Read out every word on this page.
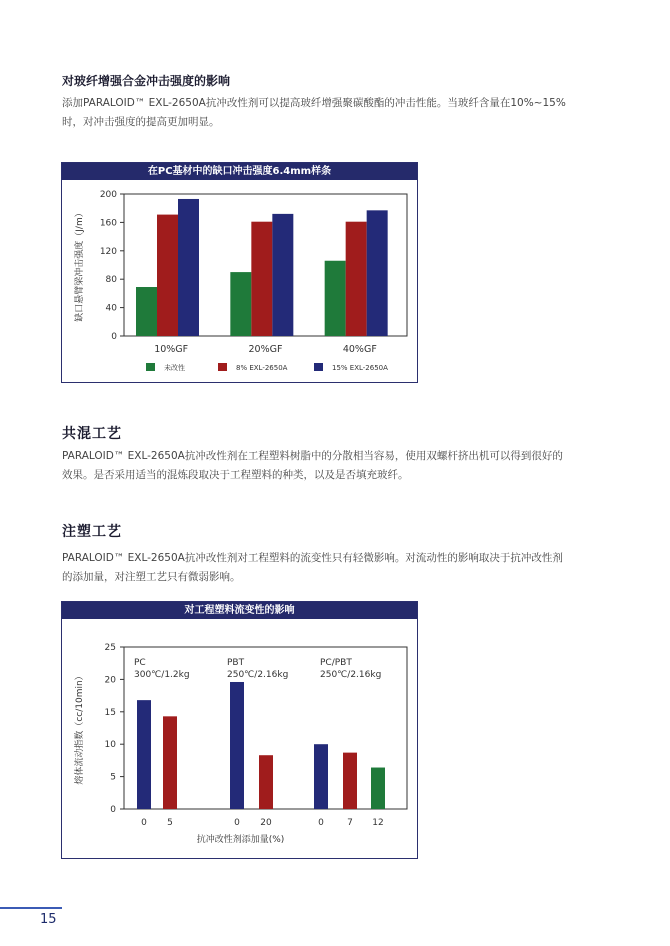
对玻纤增强合金冲击强度的影响
添加PARALOID™ EXL-2650A抗冲改性剂可以提高玻纤增强聚碳酸酯的冲击性能。当玻纤含量在10%~15%
时，对冲击强度的提高更加明显。
在PC基材中的缺口冲击强度6.4mm样条
0
40
80
120
160
200
缺口悬臂梁冲击强度（J/m）
10%GF	20%GF	40%GF
未改性	8% EXL-2650A	15% EXL-2650A
共混工艺
PARALOID™ EXL-2650A抗冲改性剂在工程塑料树脂中的分散相当容易，使用双螺杆挤出机可以得到很好的
效果。是否采用适当的混炼段取决于工程塑料的种类，以及是否填充玻纤。
注塑工艺
PARALOID™ EXL-2650A抗冲改性剂对工程塑料的流变性只有轻微影响。对流动性的影响取决于抗冲改性剂
的添加量，对注塑工艺只有微弱影响。
对工程塑料流变性的影响
0
5
10
15
20
25
熔体流动指数（cc/10min）
抗冲改性剂添加量(%)
PC
300℃/1.2kg
0 5
PBT
250℃/2.16kg
0 20
PC/PBT
250℃/2.16kg
0	7 12
15
